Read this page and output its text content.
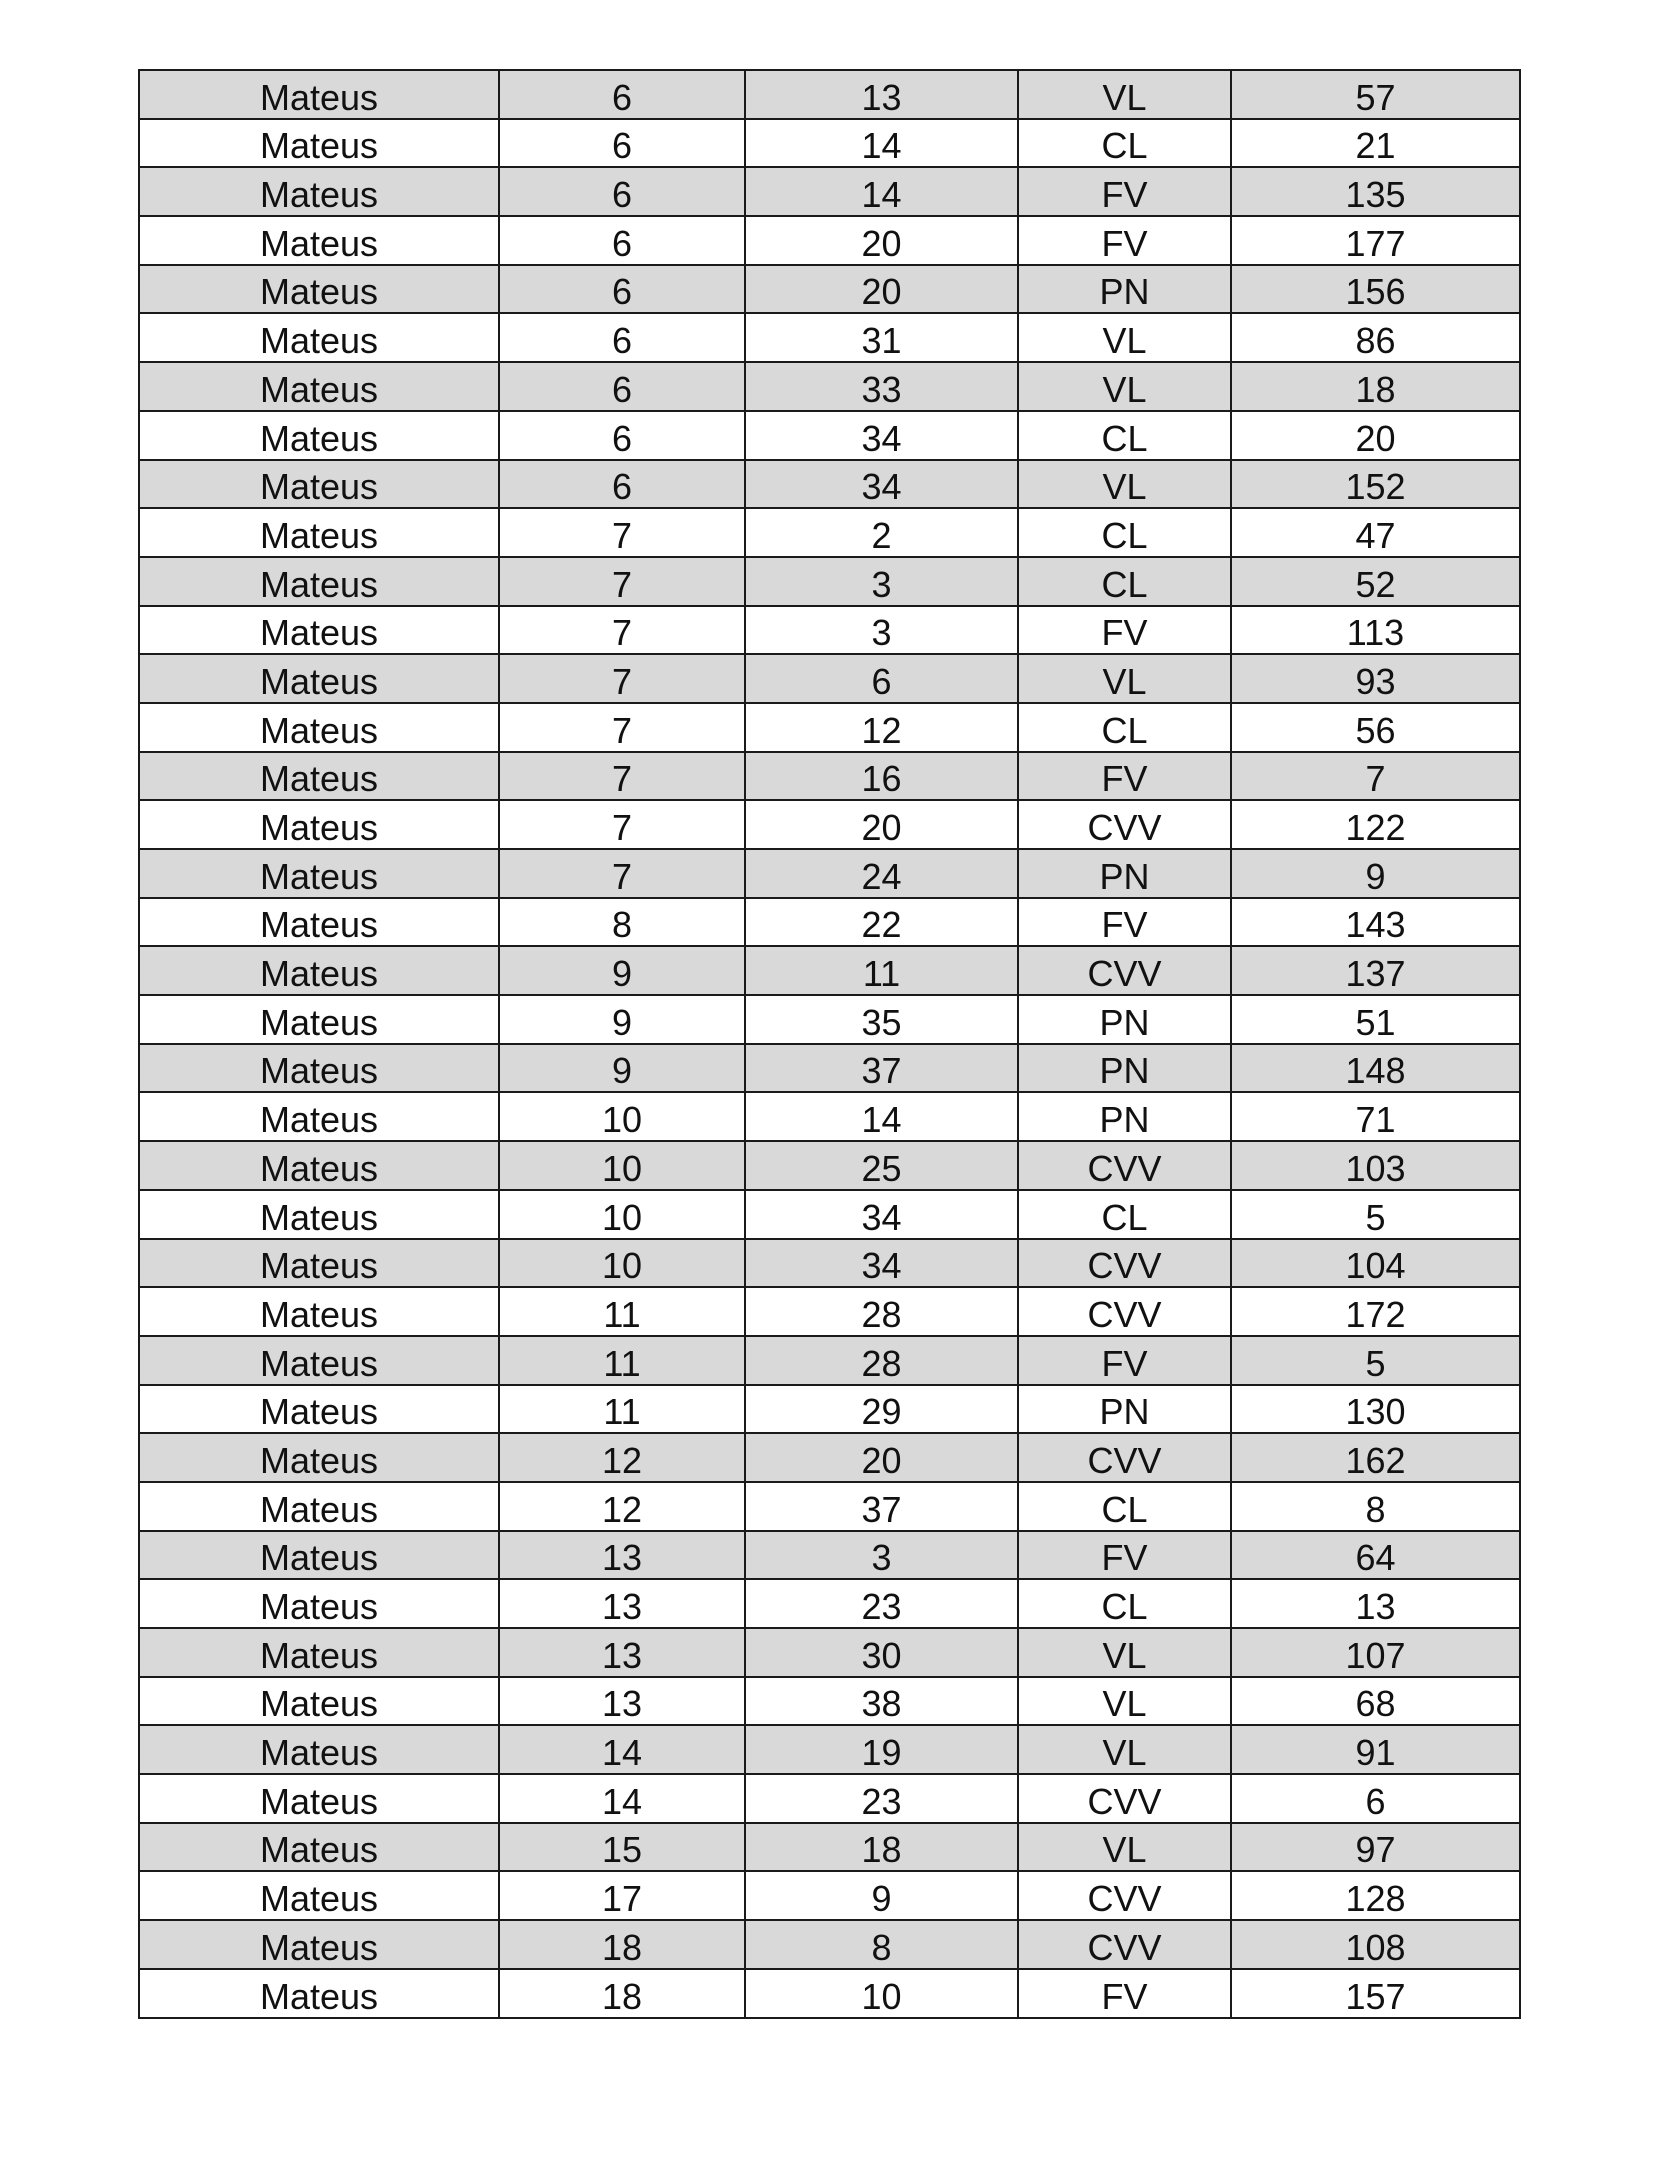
Mateus	6	13	VL	57
Mateus	6	14	CL	21
Mateus	6	14	FV	135
Mateus	6	20	FV	177
Mateus	6	20	PN	156
Mateus	6	31	VL	86
Mateus	6	33	VL	18
Mateus	6	34	CL	20
Mateus	6	34	VL	152
Mateus	7	2	CL	47
Mateus	7	3	CL	52
Mateus	7	3	FV	113
Mateus	7	6	VL	93
Mateus	7	12	CL	56
Mateus	7	16	FV	7
Mateus	7	20	CVV	122
Mateus	7	24	PN	9
Mateus	8	22	FV	143
Mateus	9	11	CVV	137
Mateus	9	35	PN	51
Mateus	9	37	PN	148
Mateus	10	14	PN	71
Mateus	10	25	CVV	103
Mateus	10	34	CL	5
Mateus	10	34	CVV	104
Mateus	11	28	CVV	172
Mateus	11	28	FV	5
Mateus	11	29	PN	130
Mateus	12	20	CVV	162
Mateus	12	37	CL	8
Mateus	13	3	FV	64
Mateus	13	23	CL	13
Mateus	13	30	VL	107
Mateus	13	38	VL	68
Mateus	14	19	VL	91
Mateus	14	23	CVV	6
Mateus	15	18	VL	97
Mateus	17	9	CVV	128
Mateus	18	8	CVV	108
Mateus	18	10	FV	157
